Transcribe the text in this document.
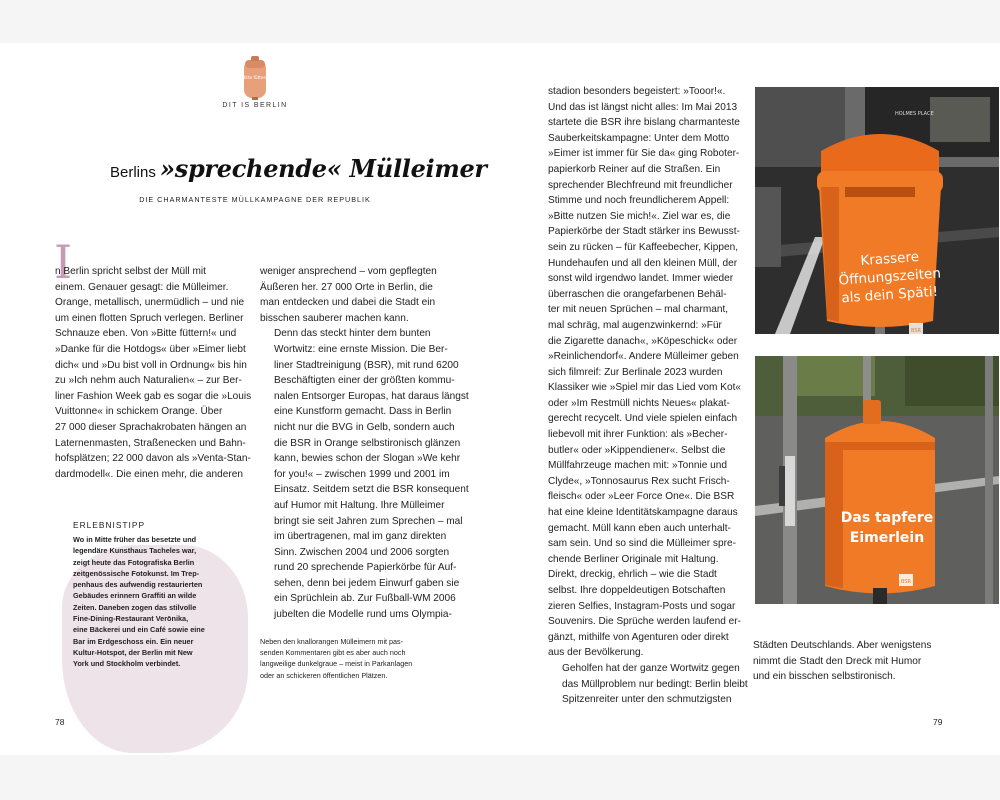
Bitte füttern
DIT IS BERLIN
Berlins »sprechende« Mülleimer
DIE CHARMANTESTE MÜLLKAMPAGNE DER REPUBLIK
I
n Berlin spricht selbst der Müll mit
einem. Genauer gesagt: die Mülleimer.
Orange, metallisch, unermüdlich – und nie
um einen flotten Spruch verlegen. Berliner
Schnauze eben. Von »Bitte füttern!« und
»Danke für die Hotdogs« über »Eimer liebt
dich« und »Du bist voll in Ordnung« bis hin
zu »Ich nehm auch Naturalien« – zur Ber-
liner Fashion Week gab es sogar die »Louis
Vuittonne« in schickem Orange. Über
27 000 dieser Sprachakrobaten hängen an
Laternenmasten, Straßenecken und Bahn-
hofsplätzen; 22 000 davon als »Venta-Stan-
dardmodell«. Die einen mehr, die anderen
weniger ansprechend – vom gepflegten
Äußeren her. 27 000 Orte in Berlin, die
man entdecken und dabei die Stadt ein
bisschen sauberer machen kann.
Denn das steckt hinter dem bunten
Wortwitz: eine ernste Mission. Die Ber-
liner Stadtreinigung (BSR), mit rund 6200
Beschäftigten einer der größten kommu-
nalen Entsorger Europas, hat daraus längst
eine Kunstform gemacht. Dass in Berlin
nicht nur die BVG in Gelb, sondern auch
die BSR in Orange selbstironisch glänzen
kann, bewies schon der Slogan »We kehr
for you!« – zwischen 1999 und 2001 im
Einsatz. Seitdem setzt die BSR konsequent
auf Humor mit Haltung. Ihre Mülleimer
bringt sie seit Jahren zum Sprechen – mal
im übertragenen, mal im ganz direkten
Sinn. Zwischen 2004 und 2006 sorgten
rund 20 sprechende Papierkörbe für Auf-
sehen, denn bei jedem Einwurf gaben sie
ein Sprüchlein ab. Zur Fußball-WM 2006
jubelten die Modelle rund ums Olympia-
ERLEBNISTIPP
Wo in Mitte früher das besetzte und
legendäre Kunsthaus Tacheles war,
zeigt heute das Fotografiska Berlin
zeitgenössische Fotokunst. Im Trep-
penhaus des aufwendig restaurierten
Gebäudes erinnern Graffiti an wilde
Zeiten. Daneben zogen das stilvolle
Fine-Dining-Restaurant Verōnika,
eine Bäckerei und ein Café sowie eine
Bar im Erdgeschoss ein. Ein neuer
Kultur-Hotspot, der Berlin mit New
York und Stockholm verbindet.
Neben den knallorangen Mülleimern mit pas-
senden Kommentaren gibt es aber auch noch
langweilige dunkelgraue – meist in Parkanlagen
oder an schickeren öffentlichen Plätzen.
78
stadion besonders begeistert: »Tooor!«.
Und das ist längst nicht alles: Im Mai 2013
startete die BSR ihre bislang charmanteste
Sauberkeitskampagne: Unter dem Motto
»Eimer ist immer für Sie da« ging Roboter-
papierkorb Reiner auf die Straßen. Ein
sprechender Blechfreund mit freundlicher
Stimme und noch freundlicherem Appell:
»Bitte nutzen Sie mich!«. Ziel war es, die
Papierkörbe der Stadt stärker ins Bewusst-
sein zu rücken – für Kaffeebecher, Kippen,
Hundehaufen und all den kleinen Müll, der
sonst wild irgendwo landet. Immer wieder
überraschen die orangefarbenen Behäl-
ter mit neuen Sprüchen – mal charmant,
mal schräg, mal augenzwinkernd: »Für
die Zigarette danach«, »Köpeschick« oder
»Reinlichendorf«. Andere Mülleimer geben
sich filmreif: Zur Berlinale 2023 wurden
Klassiker wie »Spiel mir das Lied vom Kot«
oder »Im Restmüll nichts Neues« plakat-
gerecht recycelt. Und viele spielen einfach
liebevoll mit ihrer Funktion: als »Becher-
butler« oder »Kippendiener«. Selbst die
Müllfahrzeuge machen mit: »Tonnie und
Clyde«, »Tonnosaurus Rex sucht Frisch-
fleisch« oder »Leer Force One«. Die BSR
hat eine kleine Identitätskampagne daraus
gemacht. Müll kann eben auch unterhalt-
sam sein. Und so sind die Mülleimer spre-
chende Berliner Originale mit Haltung.
Direkt, dreckig, ehrlich – wie die Stadt
selbst. Ihre doppeldeutigen Botschaften
zieren Selfies, Instagram-Posts und sogar
Souvenirs. Die Sprüche werden laufend er-
gänzt, mithilfe von Agenturen oder direkt
aus der Bevölkerung.
Geholfen hat der ganze Wortwitz gegen
das Müllproblem nur bedingt: Berlin bleibt
Spitzenreiter unter den schmutzigsten
Städten Deutschlands. Aber wenigstens
nimmt die Stadt den Dreck mit Humor
und ein bisschen selbstironisch.
HOLMES PLACE
Krassere
Öffnungszeiten
als dein Späti!
BSR
Das tapfere
Eimerlein
BSR
79
